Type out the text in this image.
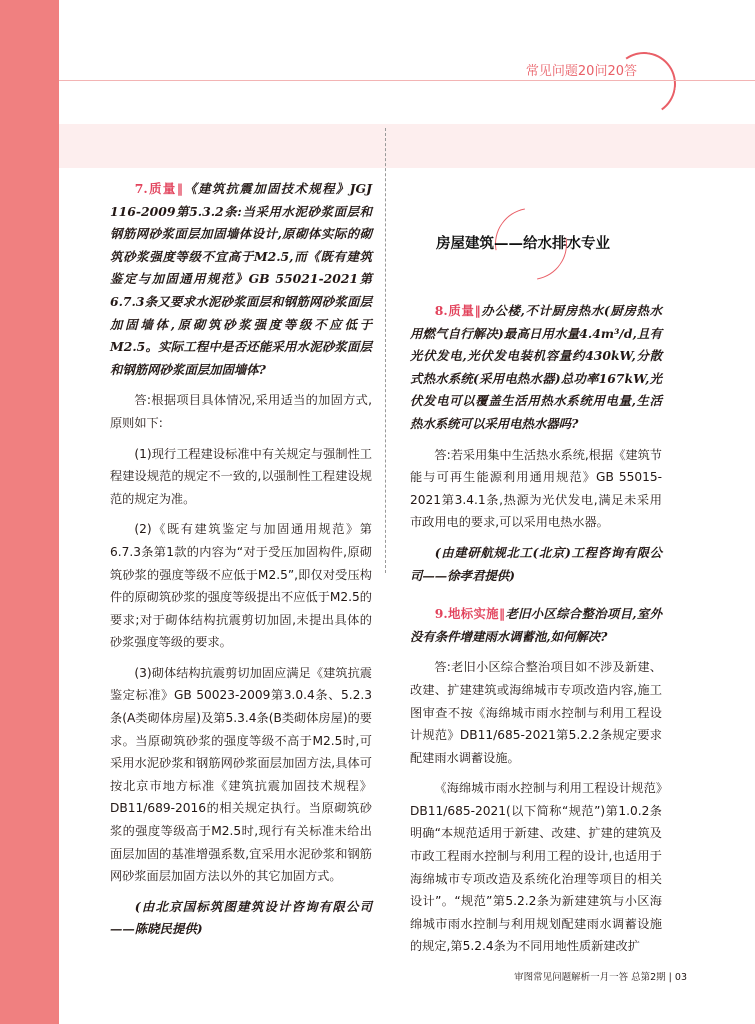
常见问题20问20答

7.质量‖《建筑抗震加固技术规程》JGJ 116-2009第5.3.2条:当采用水泥砂浆面层和钢筋网砂浆面层加固墙体设计,原砌体实际的砌筑砂浆强度等级不宜高于M2.5,而《既有建筑鉴定与加固通用规范》GB 55021-2021第6.7.3条又要求水泥砂浆面层和钢筋网砂浆面层加固墙体,原砌筑砂浆强度等级不应低于M2.5。实际工程中是否还能采用水泥砂浆面层和钢筋网砂浆面层加固墙体?

答:根据项目具体情况,采用适当的加固方式,原则如下:

(1)现行工程建设标准中有关规定与强制性工程建设规范的规定不一致的,以强制性工程建设规范的规定为准。

(2)《既有建筑鉴定与加固通用规范》第6.7.3条第1款的内容为“对于受压加固构件,原砌筑砂浆的强度等级不应低于M2.5”,即仅对受压构件的原砌筑砂浆的强度等级提出不应低于M2.5的要求;对于砌体结构抗震剪切加固,未提出具体的砂浆强度等级的要求。

(3)砌体结构抗震剪切加固应满足《建筑抗震鉴定标准》GB 50023-2009第3.0.4条、5.2.3条(A类砌体房屋)及第5.3.4条(B类砌体房屋)的要求。当原砌筑砂浆的强度等级不高于M2.5时,可采用水泥砂浆和钢筋网砂浆面层加固方法,具体可按北京市地方标准《建筑抗震加固技术规程》DB11/689-2016的相关规定执行。当原砌筑砂浆的强度等级高于M2.5时,现行有关标准未给出面层加固的基准增强系数,宜采用水泥砂浆和钢筋网砂浆面层加固方法以外的其它加固方式。

(由北京国标筑图建筑设计咨询有限公司——陈晓民提供)

房屋建筑——给水排水专业

8.质量‖办公楼,不计厨房热水(厨房热水用燃气自行解决)最高日用水量4.4m³/d,且有光伏发电,光伏发电装机容量约430kW,分散式热水系统(采用电热水器)总功率167kW,光伏发电可以覆盖生活用热水系统用电量,生活热水系统可以采用电热水器吗?

答:若采用集中生活热水系统,根据《建筑节能与可再生能源利用通用规范》GB 55015-2021第3.4.1条,热源为光伏发电,满足未采用市政用电的要求,可以采用电热水器。

(由建研航规北工(北京)工程咨询有限公司——徐孝君提供)

9.地标实施‖老旧小区综合整治项目,室外没有条件增建雨水调蓄池,如何解决?

答:老旧小区综合整治项目如不涉及新建、改建、扩建建筑或海绵城市专项改造内容,施工图审查不按《海绵城市雨水控制与利用工程设计规范》DB11/685-2021第5.2.2条规定要求配建雨水调蓄设施。

《海绵城市雨水控制与利用工程设计规范》DB11/685-2021(以下简称“规范”)第1.0.2条明确“本规范适用于新建、改建、扩建的建筑及市政工程雨水控制与利用工程的设计,也适用于海绵城市专项改造及系统化治理等项目的相关设计”。“规范”第5.2.2条为新建建筑与小区海绵城市雨水控制与利用规划配建雨水调蓄设施的规定,第5.2.4条为不同用地性质新建改扩

审图常见问题解析一月一答 总第2期 | 03
